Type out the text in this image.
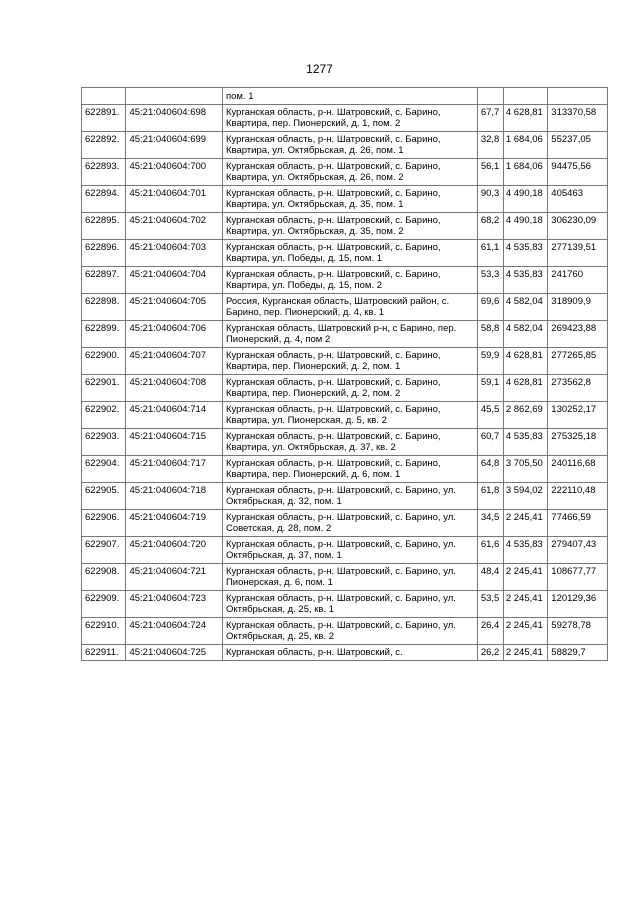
1277
		пом. 1			
622891.	45:21:040604:698	Курганская область, р-н. Шатровский, с. Барино, Квартира, пер. Пионерский, д. 1, пом. 2	67,7	4 628,81	313370,58
622892.	45:21:040604:699	Курганская область, р-н. Шатровский, с. Барино, Квартира, ул. Октябрьская, д. 26, пом. 1	32,8	1 684,06	55237,05
622893.	45:21:040604:700	Курганская область, р-н. Шатровский, с. Барино, Квартира, ул. Октябрьская, д. 26, пом. 2	56,1	1 684,06	94475,56
622894.	45:21:040604:701	Курганская область, р-н. Шатровский, с. Барино, Квартира, ул. Октябрьская, д. 35, пом. 1	90,3	4 490,18	405463
622895.	45:21:040604:702	Курганская область, р-н. Шатровский, с. Барино, Квартира, ул. Октябрьская, д. 35, пом. 2	68,2	4 490,18	306230,09
622896.	45:21:040604:703	Курганская область, р-н. Шатровский, с. Барино, Квартира, ул. Победы, д. 15, пом. 1	61,1	4 535,83	277139,51
622897.	45:21:040604:704	Курганская область, р-н. Шатровский, с. Барино, Квартира, ул. Победы, д. 15, пом. 2	53,3	4 535,83	241760
622898.	45:21:040604:705	Россия, Курганская область, Шатровский район, с. Барино, пер. Пионерский, д. 4, кв. 1	69,6	4 582,04	318909,9
622899.	45:21:040604:706	Курганская область, Шатровский р-н, с Барино, пер. Пионерский, д. 4, пом 2	58,8	4 582,04	269423,88
622900.	45:21:040604:707	Курганская область, р-н. Шатровский, с. Барино, Квартира, пер. Пионерский, д. 2, пом. 1	59,9	4 628,81	277265,85
622901.	45:21:040604:708	Курганская область, р-н. Шатровский, с. Барино, Квартира, пер. Пионерский, д. 2, пом. 2	59,1	4 628,81	273562,8
622902.	45:21:040604:714	Курганская область, р-н. Шатровский, с. Барино, Квартира, ул. Пионерская, д. 5, кв. 2	45,5	2 862,69	130252,17
622903.	45:21:040604:715	Курганская область, р-н. Шатровский, с. Барино, Квартира, ул. Октябрьская, д. 37, кв. 2	60,7	4 535,83	275325,18
622904.	45:21:040604:717	Курганская область, р-н. Шатровский, с. Барино, Квартира, пер. Пионерский, д. 6, пом. 1	64,8	3 705,50	240116,68
622905.	45:21:040604:718	Курганская область, р-н. Шатровский, с. Барино, ул. Октябрьская, д. 32, пом. 1	61,8	3 594,02	222110,48
622906.	45:21:040604:719	Курганская область, р-н. Шатровский, с. Барино, ул. Советская, д. 28, пом. 2	34,5	2 245,41	77466,59
622907.	45:21:040604:720	Курганская область, р-н. Шатровский, с. Барино, ул. Октябрьская, д. 37, пом. 1	61,6	4 535,83	279407,43
622908.	45:21:040604:721	Курганская область, р-н. Шатровский, с. Барино, ул. Пионерская, д. 6, пом. 1	48,4	2 245,41	108677,77
622909.	45:21:040604:723	Курганская область, р-н. Шатровский, с. Барино, ул. Октябрьская, д. 25, кв. 1	53,5	2 245,41	120129,36
622910.	45:21:040604:724	Курганская область, р-н. Шатровский, с. Барино, ул. Октябрьская, д. 25, кв. 2	26,4	2 245,41	59278,78
622911.	45:21:040604:725	Курганская область, р-н. Шатровский, с.	26,2	2 245,41	58829,7
